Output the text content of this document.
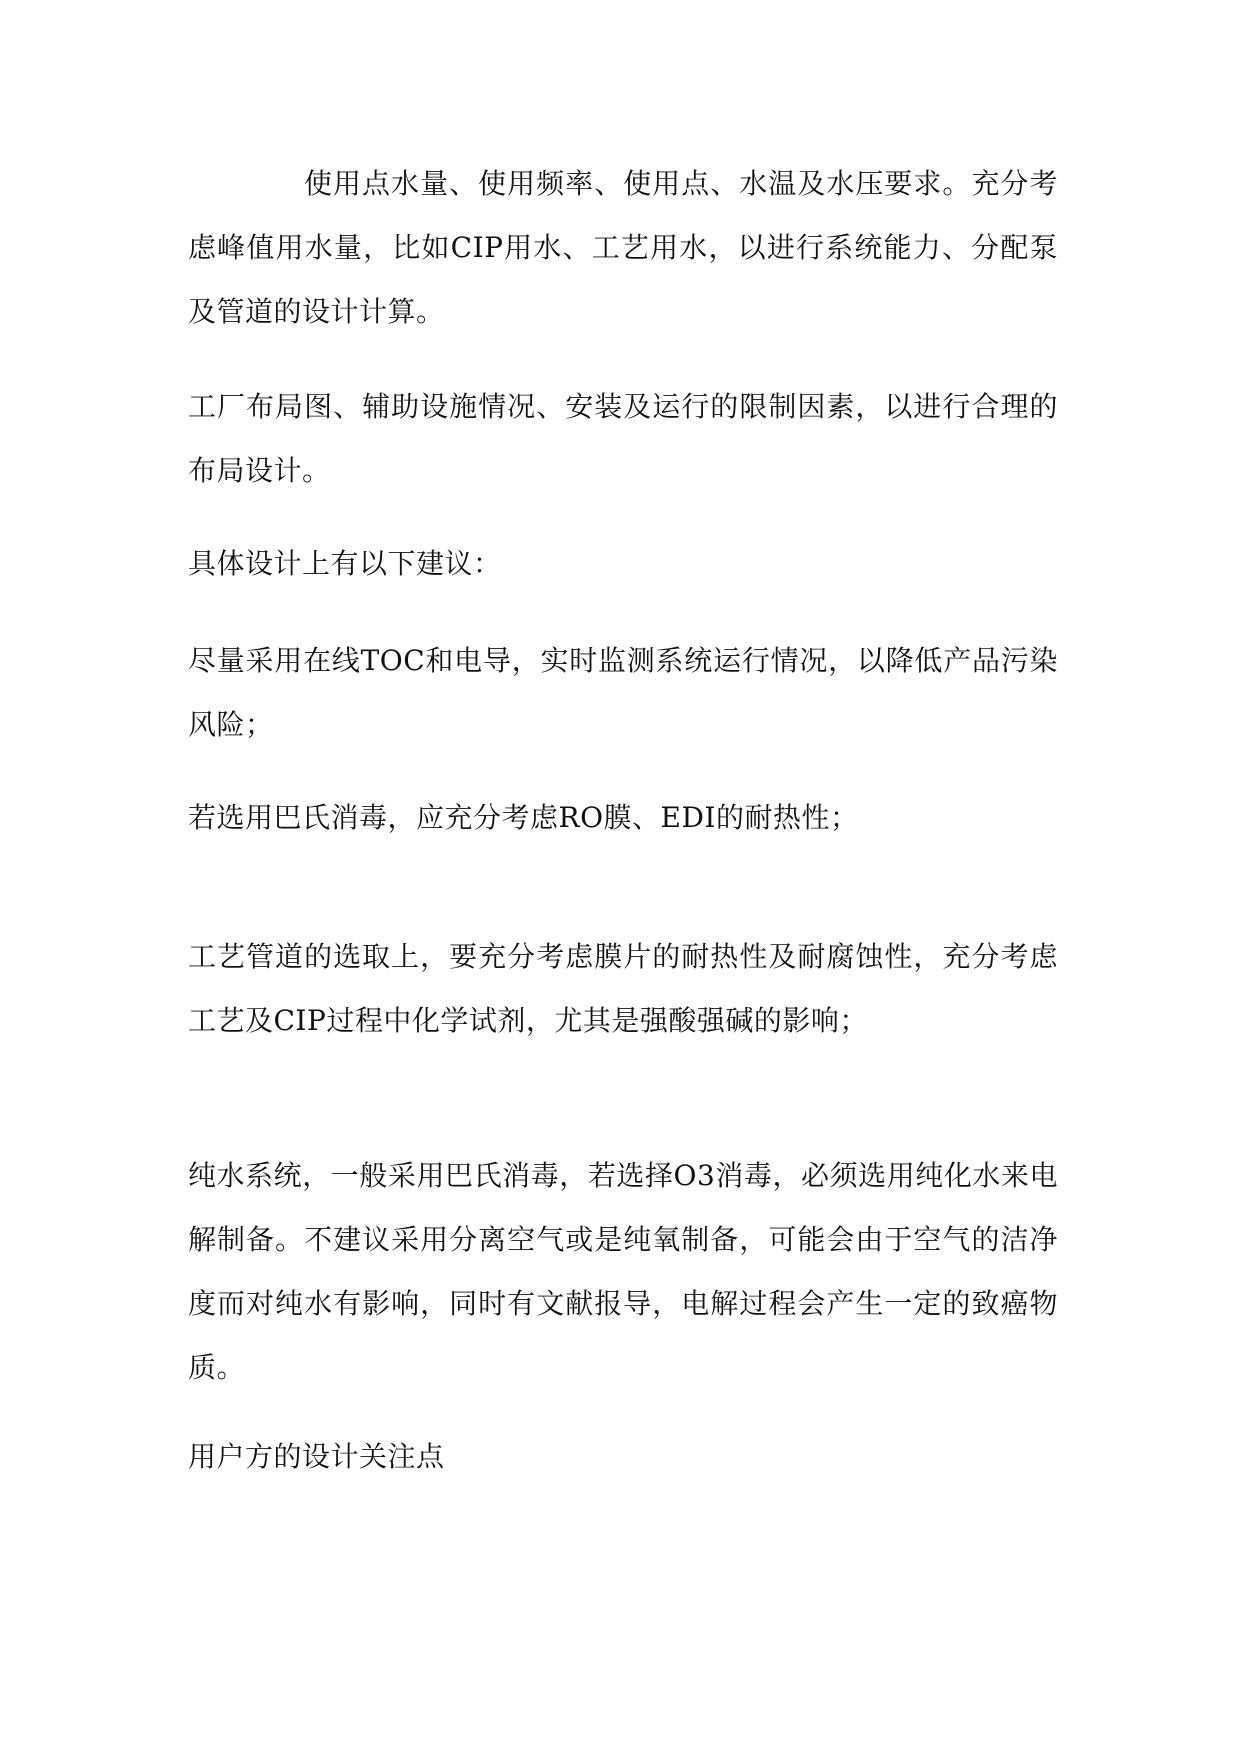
使用点水量、使用频率、使用点、水温及水压要求。充分考虑峰值用水量，比如CIP用水、工艺用水，以进行系统能力、分配泵及管道的设计计算。

工厂布局图、辅助设施情况、安装及运行的限制因素，以进行合理的布局设计。

具体设计上有以下建议：

尽量采用在线TOC和电导，实时监测系统运行情况，以降低产品污染风险；

若选用巴氏消毒，应充分考虑RO膜、EDI的耐热性；

工艺管道的选取上，要充分考虑膜片的耐热性及耐腐蚀性，充分考虑工艺及CIP过程中化学试剂，尤其是强酸强碱的影响；

纯水系统，一般采用巴氏消毒，若选择O3消毒，必须选用纯化水来电解制备。不建议采用分离空气或是纯氧制备，可能会由于空气的洁净度而对纯水有影响，同时有文献报导，电解过程会产生一定的致癌物质。

用户方的设计关注点
